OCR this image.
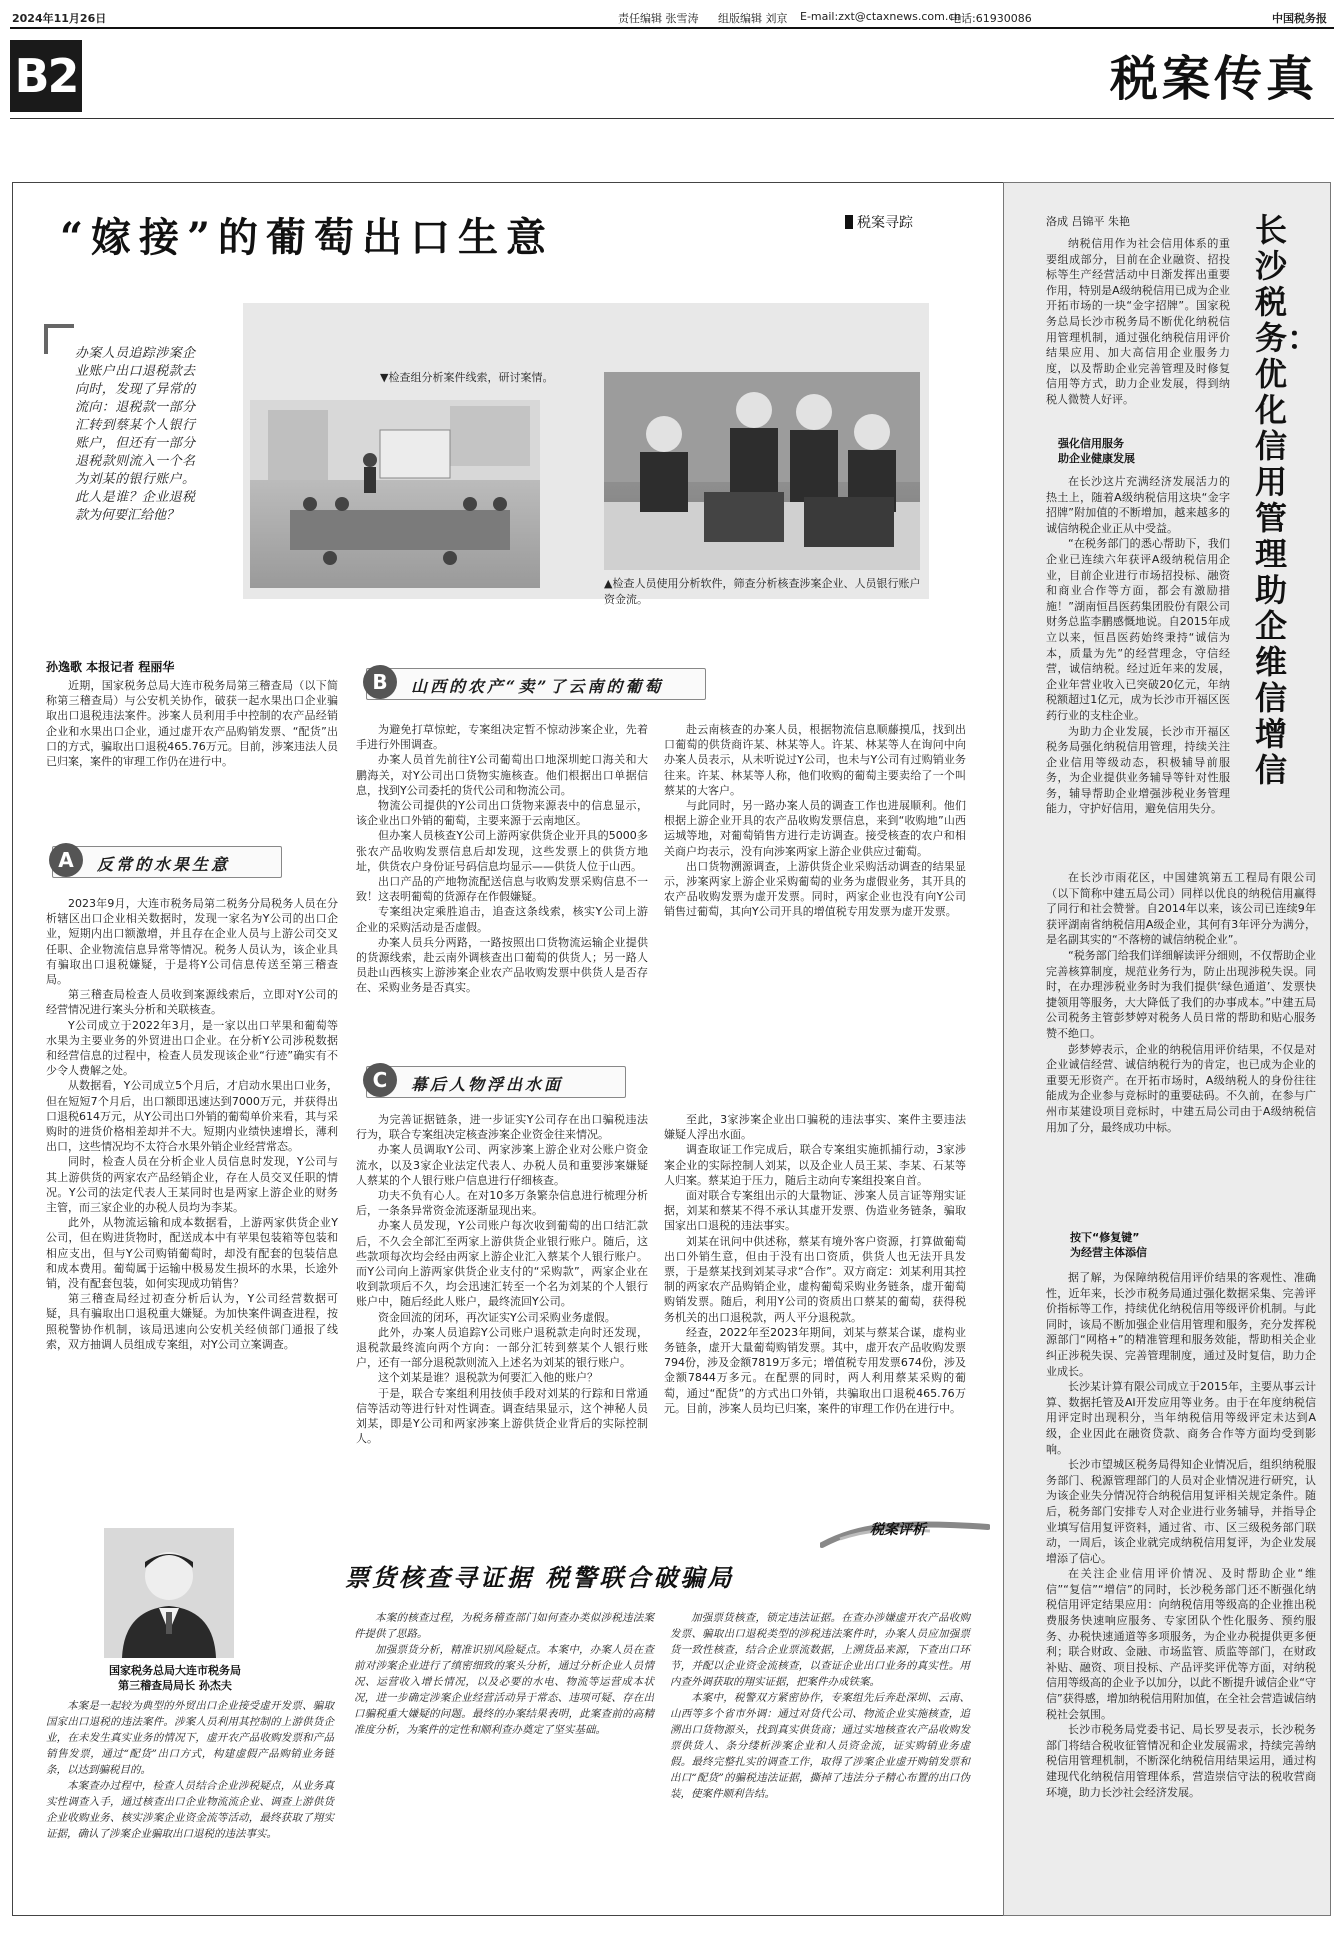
2024年11月26日	责任编辑 张雪涛 组版编辑 刘京 E-mail:zxt@ctaxnews.com.cn
电话:61930086	中国税务报
B2	税案传真
“嫁接”的葡萄出口生意	税案寻踪
办案人员追踪涉案企业账户出口退税款去向时，发现了异常的流向：退税款一部分汇转到蔡某个人银行账户，但还有一部分退税款则流入一个名为刘某的银行账户。此人是谁？企业退税款为何要汇给他？
▼检查组分析案件线索，研讨案情。
▲检查人员使用分析软件，筛查分析核查涉案企业、人员银行账户资金流。
孙逸歌 本报记者 程丽华

近期，国家税务总局大连市税务局第三稽查局（以下简称第三稽查局）与公安机关协作，破获一起水果出口企业骗取出口退税违法案件。涉案人员利用手中控制的农产品经销企业和水果出口企业，通过虚开农产品购销发票、“配货”出口的方式，骗取出口退税465.76万元。目前，涉案违法人员已归案，案件的审理工作仍在进行中。

A	反常的水果生意

2023年9月，大连市税务局第二税务分局税务人员在分析辖区出口企业相关数据时，发现一家名为Y公司的出口企业，短期内出口额激增，并且存在企业人员与上游公司交叉任职、企业物流信息异常等情况。税务人员认为，该企业具有骗取出口退税嫌疑，于是将Y公司信息传送至第三稽查局。

第三稽查局检查人员收到案源线索后，立即对Y公司的经营情况进行案头分析和关联核查。

Y公司成立于2022年3月，是一家以出口苹果和葡萄等水果为主要业务的外贸进出口企业。在分析Y公司涉税数据和经营信息的过程中，检查人员发现该企业“行迹”确实有不少令人费解之处。

从数据看，Y公司成立5个月后，才启动水果出口业务，但在短短7个月后，出口额即迅速达到7000万元，并获得出口退税614万元，从Y公司出口外销的葡萄单价来看，其与采购时的进货价格相差却并不大。短期内业绩快速增长，薄利出口，这些情况均不太符合水果外销企业经营常态。

同时，检查人员在分析企业人员信息时发现，Y公司与其上游供货的两家农产品经销企业，存在人员交叉任职的情况。Y公司的法定代表人王某同时也是两家上游企业的财务主管，而三家企业的办税人员均为李某。

此外，从物流运输和成本数据看，上游两家供货企业Y公司，但在购进货物时，配送成本中有苹果包装箱等包装和相应支出，但与Y公司购销葡萄时，却没有配套的包装信息和成本费用。葡萄属于运输中极易发生损坏的水果，长途外销，没有配套包装，如何实现成功销售？

第三稽查局经过初查分析后认为，Y公司经营数据可疑，具有骗取出口退税重大嫌疑。为加快案件调查进程，按照税警协作机制，该局迅速向公安机关经侦部门通报了线索，双方抽调人员组成专案组，对Y公司立案调查。

B	山西的农产“卖”了云南的葡萄

为避免打草惊蛇，专案组决定暂不惊动涉案企业，先着手进行外围调查。

办案人员首先前往Y公司葡萄出口地深圳蛇口海关和大鹏海关，对Y公司出口货物实施核查。他们根据出口单据信息，找到Y公司委托的货代公司和物流公司。

物流公司提供的Y公司出口货物来源表中的信息显示，该企业出口外销的葡萄，主要来源于云南地区。

但办案人员核查Y公司上游两家供货企业开具的5000多张农产品收购发票信息后却发现，这些发票上的供货方地址，供货农户身份证号码信息均显示——供货人位于山西。

出口产品的产地物流配送信息与收购发票采购信息不一致！这表明葡萄的货源存在作假嫌疑。

专案组决定乘胜追击，追查这条线索，核实Y公司上游企业的采购活动是否虚假。

办案人员兵分两路，一路按照出口货物流运输企业提供的货源线索，赴云南外调核查出口葡萄的供货人；另一路人员赴山西核实上游涉案企业农产品收购发票中供货人是否存在、采购业务是否真实。

赴云南核查的办案人员，根据物流信息顺藤摸瓜，找到出口葡萄的供货商许某、林某等人。许某、林某等人在询问中向办案人员表示，从未听说过Y公司，也未与Y公司有过购销业务往来。许某、林某等人称，他们收购的葡萄主要卖给了一个叫蔡某的大客户。

与此同时，另一路办案人员的调查工作也进展顺利。他们根据上游企业开具的农产品收购发票信息，来到“收购地”山西运城等地，对葡萄销售方进行走访调查。接受核查的农户和相关商户均表示，没有向涉案两家上游企业供应过葡萄。

出口货物溯源调查，上游供货企业采购活动调查的结果显示，涉案两家上游企业采购葡萄的业务为虚假业务，其开具的农产品收购发票为虚开发票。同时，两家企业也没有向Y公司销售过葡萄，其向Y公司开具的增值税专用发票为虚开发票。

C	幕后人物浮出水面

为完善证据链条，进一步证实Y公司存在出口骗税违法行为，联合专案组决定核查涉案企业资金往来情况。

办案人员调取Y公司、两家涉案上游企业对公账户资金流水，以及3家企业法定代表人、办税人员和重要涉案嫌疑人蔡某的个人银行账户信息进行仔细核查。

功夫不负有心人。在对10多万条繁杂信息进行梳理分析后，一条条异常资金流逐渐显现出来。

办案人员发现，Y公司账户每次收到葡萄的出口结汇款后，不久会全部汇至两家上游供货企业银行账户。随后，这些款项每次均会经由两家上游企业汇入蔡某个人银行账户。而Y公司向上游两家供货企业支付的“采购款”，两家企业在收到款项后不久，均会迅速汇转至一个名为刘某的个人银行账户中，随后经此人账户，最终流回Y公司。

资金回流的闭环，再次证实Y公司采购业务虚假。

此外，办案人员追踪Y公司账户退税款走向时还发现，退税款最终流向两个方向：一部分汇转到蔡某个人银行账户，还有一部分退税款则流入上述名为刘某的银行账户。

这个刘某是谁？退税款为何要汇入他的账户？

于是，联合专案组利用技侦手段对刘某的行踪和日常通信等活动等进行针对性调查。调查结果显示，这个神秘人员刘某，即是Y公司和两家涉案上游供货企业背后的实际控制人。

至此，3家涉案企业出口骗税的违法事实、案件主要违法嫌疑人浮出水面。

调查取证工作完成后，联合专案组实施抓捕行动，3家涉案企业的实际控制人刘某，以及企业人员王某、李某、石某等人归案。蔡某迫于压力，随后主动向专案组投案自首。

面对联合专案组出示的大量物证、涉案人员言证等翔实证据，刘某和蔡某不得不承认其虚开发票、伪造业务链条，骗取国家出口退税的违法事实。

刘某在讯问中供述称，蔡某有境外客户资源，打算做葡萄出口外销生意，但由于没有出口资质，供货人也无法开具发票，于是蔡某找到刘某寻求“合作”。双方商定：刘某利用其控制的两家农产品购销企业，虚构葡萄采购业务链条，虚开葡萄购销发票。随后，利用Y公司的资质出口蔡某的葡萄，获得税务机关的出口退税款，两人平分退税款。

经查，2022年至2023年期间，刘某与蔡某合谋，虚构业务链条，虚开大量葡萄购销发票。其中，虚开农产品收购发票794份，涉及金额7819万多元；增值税专用发票674份，涉及金额7844万多元。在配票的同时，两人利用蔡某采购的葡萄，通过“配货”的方式出口外销，共骗取出口退税465.76万元。目前，涉案人员均已归案，案件的审理工作仍在进行中。

税案评析
票货核查寻证据 税警联合破骗局
国家税务总局大连市税务局
第三稽查局局长 孙杰夫

本案是一起较为典型的外贸出口企业接受虚开发票、骗取国家出口退税的违法案件。涉案人员利用其控制的上游供货企业，在未发生真实业务的情况下，虚开农产品收购发票和产品销售发票，通过“配货”出口方式，构建虚假产品购销业务链条，以达到骗税目的。

本案查办过程中，检查人员结合企业涉税疑点，从业务真实性调查入手，通过核查出口企业物流流企业、调查上游供货企业收购业务、核实涉案企业资金流等活动，最终获取了翔实证据，确认了涉案企业骗取出口退税的违法事实。

本案的核查过程，为税务稽查部门如何查办类似涉税违法案件提供了思路。

加强票货分析，精准识别风险疑点。本案中，办案人员在查前对涉案企业进行了缜密细致的案头分析，通过分析企业人员情况、运营收入增长情况，以及必要的水电、物流等运营成本状况，进一步确定涉案企业经营活动异于常态、违项可疑、存在出口骗税重大嫌疑的问题。最终的办案结果表明，此案查前的高精准度分析，为案件的定性和顺利查办奠定了坚实基础。

加强票货核查，锁定违法证据。在查办涉嫌虚开农产品收购发票、骗取出口退税类型的涉税违法案件时，办案人员应加强票货一致性核查，结合企业票流数据，上溯货品来源，下查出口环节，并配以企业资金流核查，以查证企业出口业务的真实性。用内查外调获取的翔实证据，把案件办成铁案。

本案中，税警双方紧密协作，专案组先后奔赴深圳、云南、山西等多个省市外调：通过对货代公司、物流企业实施核查，追溯出口货物源头，找到真实供货商；通过实地核查农产品收购发票供货人、条分缕析涉案企业和人员资金流，证实购销业务虚假。最终完整扎实的调查工作，取得了涉案企业虚开购销发票和出口“配货”的骗税违法证据，撕掉了违法分子精心布置的出口伪装，使案件顺利告结。

洛成 吕锦平 朱艳	长沙税务：优化信用管理 助企维信增信

纳税信用作为社会信用体系的重要组成部分，目前在企业融资、招投标等生产经营活动中日渐发挥出重要作用，特别是A级纳税信用已成为企业开拓市场的一块“金字招牌”。国家税务总局长沙市税务局不断优化纳税信用管理机制，通过强化纳税信用评价结果应用、加大高信用企业服务力度，以及帮助企业完善管理及时修复信用等方式，助力企业发展，得到纳税人微赞人好评。

强化信用服务
助企业健康发展

在长沙这片充满经济发展活力的热土上，随着A级纳税信用这块“金字招牌”附加值的不断增加，越来越多的诚信纳税企业正从中受益。

“在税务部门的悉心帮助下，我们企业已连续六年获评A级纳税信用企业，目前企业进行市场招投标、融资和商业合作等方面，都会有激励措施！”湖南恒昌医药集团股份有限公司财务总监李鹏感慨地说。自2015年成立以来，恒昌医药始终秉持“诚信为本，质量为先”的经营理念，守信经营，诚信纳税。经过近年来的发展，企业年营业收入已突破20亿元，年纳税额超过1亿元，成为长沙市开福区医药行业的支柱企业。

为助力企业发展，长沙市开福区税务局强化纳税信用管理，持续关注企业信用等级动态，积极辅导前服务，为企业提供业务辅导等针对性服务，辅导帮助企业增强涉税业务管理能力，守护好信用，避免信用失分。

在长沙市雨花区，中国建筑第五工程局有限公司（以下简称中建五局公司）同样以优良的纳税信用赢得了同行和社会赞誉。自2014年以来，该公司已连续9年获评湖南省纳税信用A级企业，其何有3年评分为满分，是名副其实的“不落榜的诚信纳税企业”。

“税务部门给我们详细解读评分细则，不仅帮助企业完善核算制度，规范业务行为，防止出现涉税失误。同时，在办理涉税业务时为我们提供‘绿色通道’、发票快捷领用等服务，大大降低了我们的办事成本。”中建五局公司税务主管彭梦婷对税务人员日常的帮助和贴心服务赞不绝口。

彭梦婷表示，企业的纳税信用评价结果，不仅是对企业诚信经营、诚信纳税行为的肯定，也已成为企业的重要无形资产。在开拓市场时，A级纳税人的身份往往能成为企业参与竞标时的重要砝码。不久前，在参与广州市某建设项目竞标时，中建五局公司由于A级纳税信用加了分，最终成功中标。

按下“修复键”
为经营主体添信

据了解，为保障纳税信用评价结果的客观性、准确性，近年来，长沙市税务局通过强化数据采集、完善评价指标等工作，持续优化纳税信用等级评价机制。与此同时，该局不断加强企业信用管理和服务，充分发挥税源部门“网格+”的精准管理和服务效能，帮助相关企业纠正涉税失误、完善管理制度，通过及时复信，助力企业成长。

长沙某计算有限公司成立于2015年，主要从事云计算、数据托管及AI开发应用等业务。由于在年度纳税信用评定时出现积分，当年纳税信用等级评定未达到A级，企业因此在融资贷款、商务合作等方面均受到影响。

长沙市望城区税务局得知企业情况后，组织纳税服务部门、税源管理部门的人员对企业情况进行研究，认为该企业失分情况符合纳税信用复评相关规定条件。随后，税务部门安排专人对企业进行业务辅导，并指导企业填写信用复评资料，通过省、市、区三级税务部门联动，一周后，该企业就完成纳税信用复评，为企业发展增添了信心。

在关注企业信用评价情况、及时帮助企业“维信”“复信”“增信”的同时，长沙税务部门还不断强化纳税信用评定结果应用：向纳税信用等级高的企业推出税费服务快速响应服务、专家团队个性化服务、预约服务、办税快速通道等多项服务，为企业办税提供更多便利；联合财政、金融、市场监管、质监等部门，在财政补贴、融资、项目投标、产品评奖评优等方面，对纳税信用等级高的企业予以加分，以此不断提升诚信企业“守信”获得感，增加纳税信用附加值，在全社会营造诚信纳税社会氛围。

长沙市税务局党委书记、局长罗旻表示，长沙税务部门将结合税收征管情况和企业发展需求，持续完善纳税信用管理机制，不断深化纳税信用结果运用，通过构建现代化纳税信用管理体系，营造崇信守法的税收营商环境，助力长沙社会经济发展。
